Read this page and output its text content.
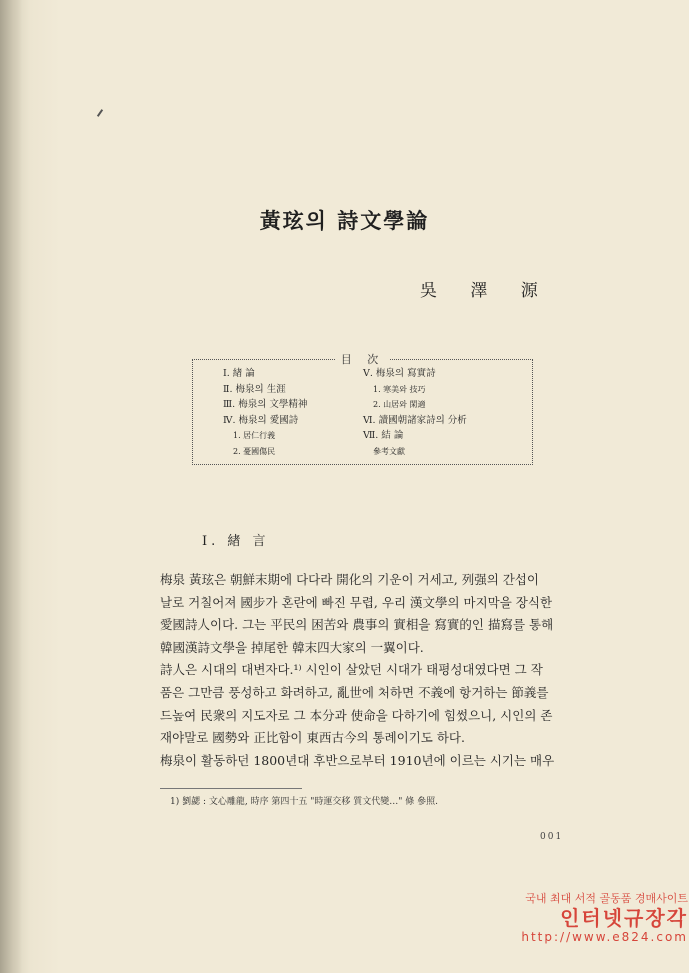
黃玹의 詩文學論
吳 澤 源
目 次
Ⅰ. 緖 論
Ⅱ. 梅泉의 生涯
Ⅲ. 梅泉의 文學精神
Ⅳ. 梅泉의 愛國詩
1. 居仁行義
2. 憂國傷民
Ⅴ. 梅泉의 寫實詩
1. 寒美와 技巧
2. 山居와 閑適
Ⅵ. 讀國朝諸家詩의 分析
Ⅶ. 結 論
參考文獻
Ⅰ. 緖 言

梅泉 黃玹은 朝鮮末期에 다다라 開化의 기운이 거세고, 列强의 간섭이
날로 거칠어져 國步가 혼란에 빠진 무렵, 우리 漢文學의 마지막을 장식한
愛國詩人이다. 그는 平民의 困苦와 農事의 實相을 寫實的인 描寫를 통해
韓國漢詩文學을 掉尾한 韓末四大家의 一翼이다.

詩人은 시대의 대변자다.¹⁾ 시인이 살았던 시대가 태평성대였다면 그 작
품은 그만큼 풍성하고 화려하고, 亂世에 처하면 不義에 항거하는 節義를
드높여 民衆의 지도자로 그 本分과 使命을 다하기에 힘썼으니, 시인의 존
재야말로 國勢와 正比함이 東西古今의 통례이기도 하다.

梅泉이 활동하던 1800년대 후반으로부터 1910년에 이르는 시기는 매우

1) 劉勰 : 文心雕龍, 時序 第四十五 "時運交移 質文代變…" 條 參照.
001
국내 최대 서적 골동품 경매사이트
인터넷규장각
http://www.e824.com
